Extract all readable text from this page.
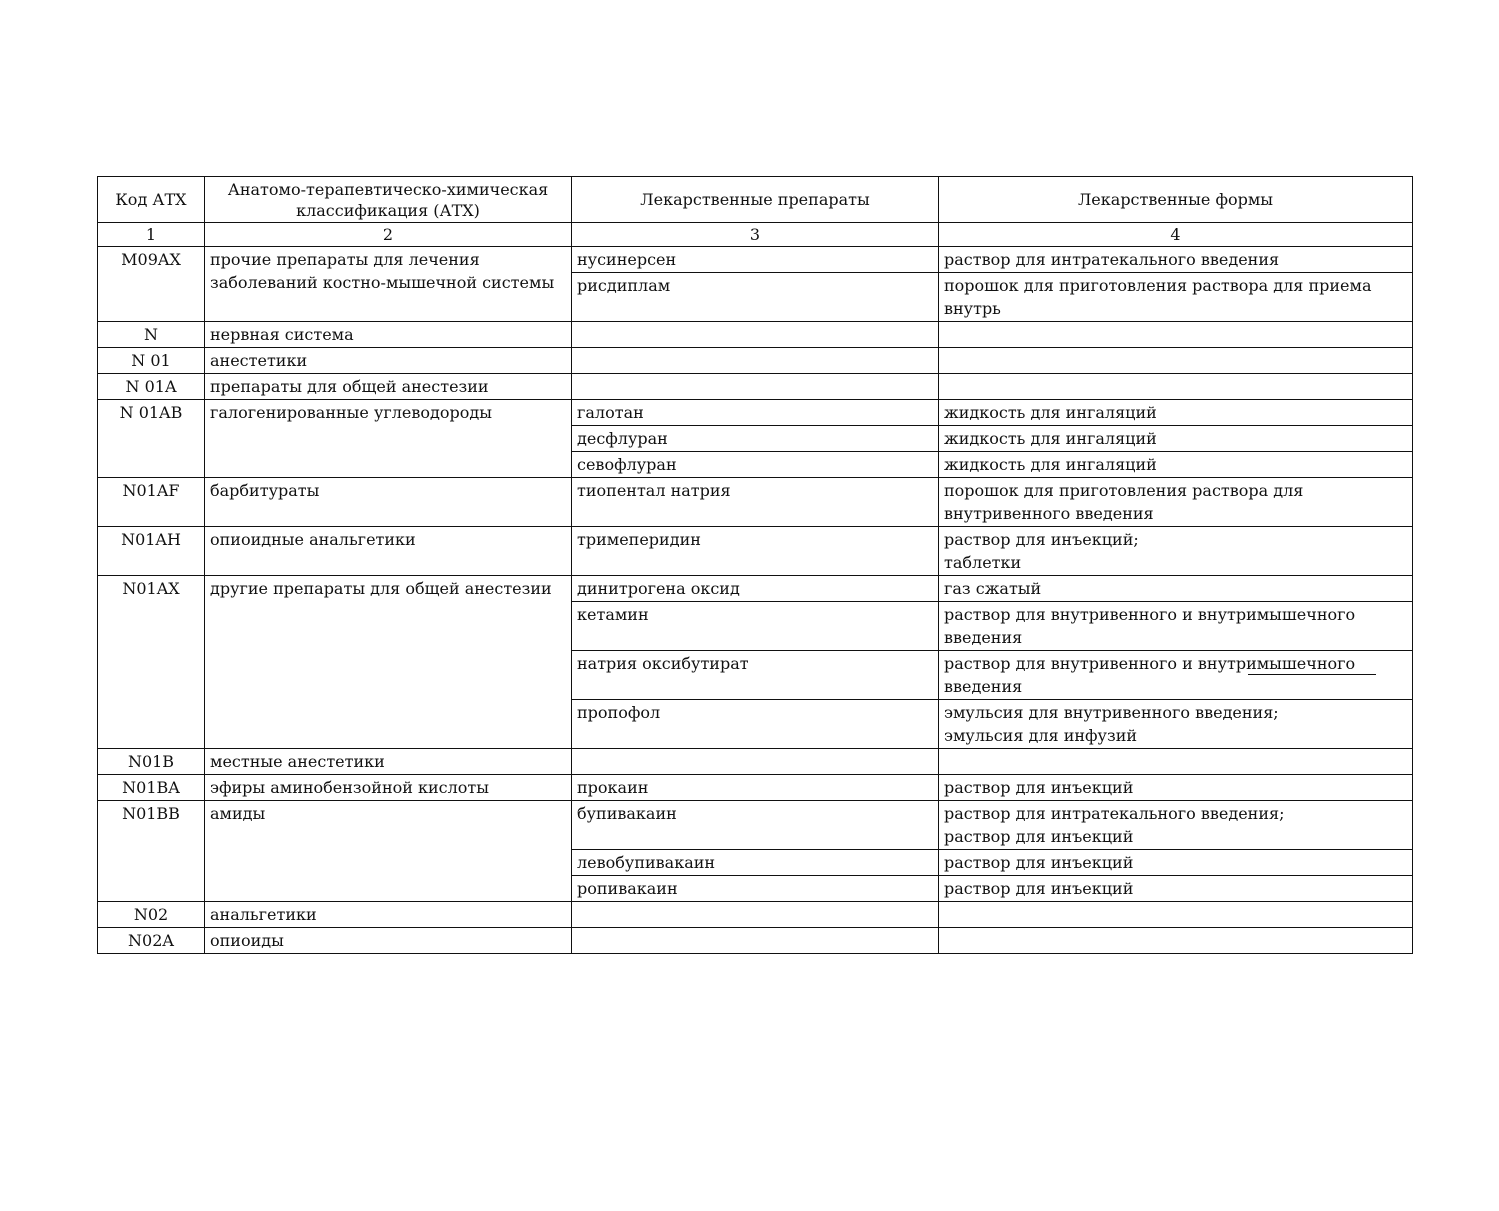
Код АТХ	Анатомо-терапевтическо-химическая классификация (АТХ)	Лекарственные препараты	Лекарственные формы
1	2	3	4
M09AX	прочие препараты для лечения заболеваний костно-мышечной системы	нусинерсен	раствор для интратекального введения
		рисдиплам	порошок для приготовления раствора для приема внутрь
N	нервная система		
N 01	анестетики		
N 01A	препараты для общей анестезии		
N 01AB	галогенированные углеводороды	галотан	жидкость для ингаляций
		десфлуран	жидкость для ингаляций
		севофлуран	жидкость для ингаляций
N01AF	барбитураты	тиопентал натрия	порошок для приготовления раствора для внутривенного введения
N01AH	опиоидные анальгетики	тримеперидин	раствор для инъекций;
таблетки
N01AX	другие препараты для общей анестезии	динитрогена оксид	газ сжатый
		кетамин	раствор для внутривенного и внутримышечного введения
		натрия оксибутират	раствор для внутривенного и внутримышечного введения
		пропофол	эмульсия для внутривенного введения;
эмульсия для инфузий
N01B	местные анестетики		
N01BA	эфиры аминобензойной кислоты	прокаин	раствор для инъекций
N01BB	амиды	бупивакаин	раствор для интратекального введения;
раствор для инъекций
		левобупивакаин	раствор для инъекций
		ропивакаин	раствор для инъекций
N02	анальгетики		
N02A	опиоиды		
